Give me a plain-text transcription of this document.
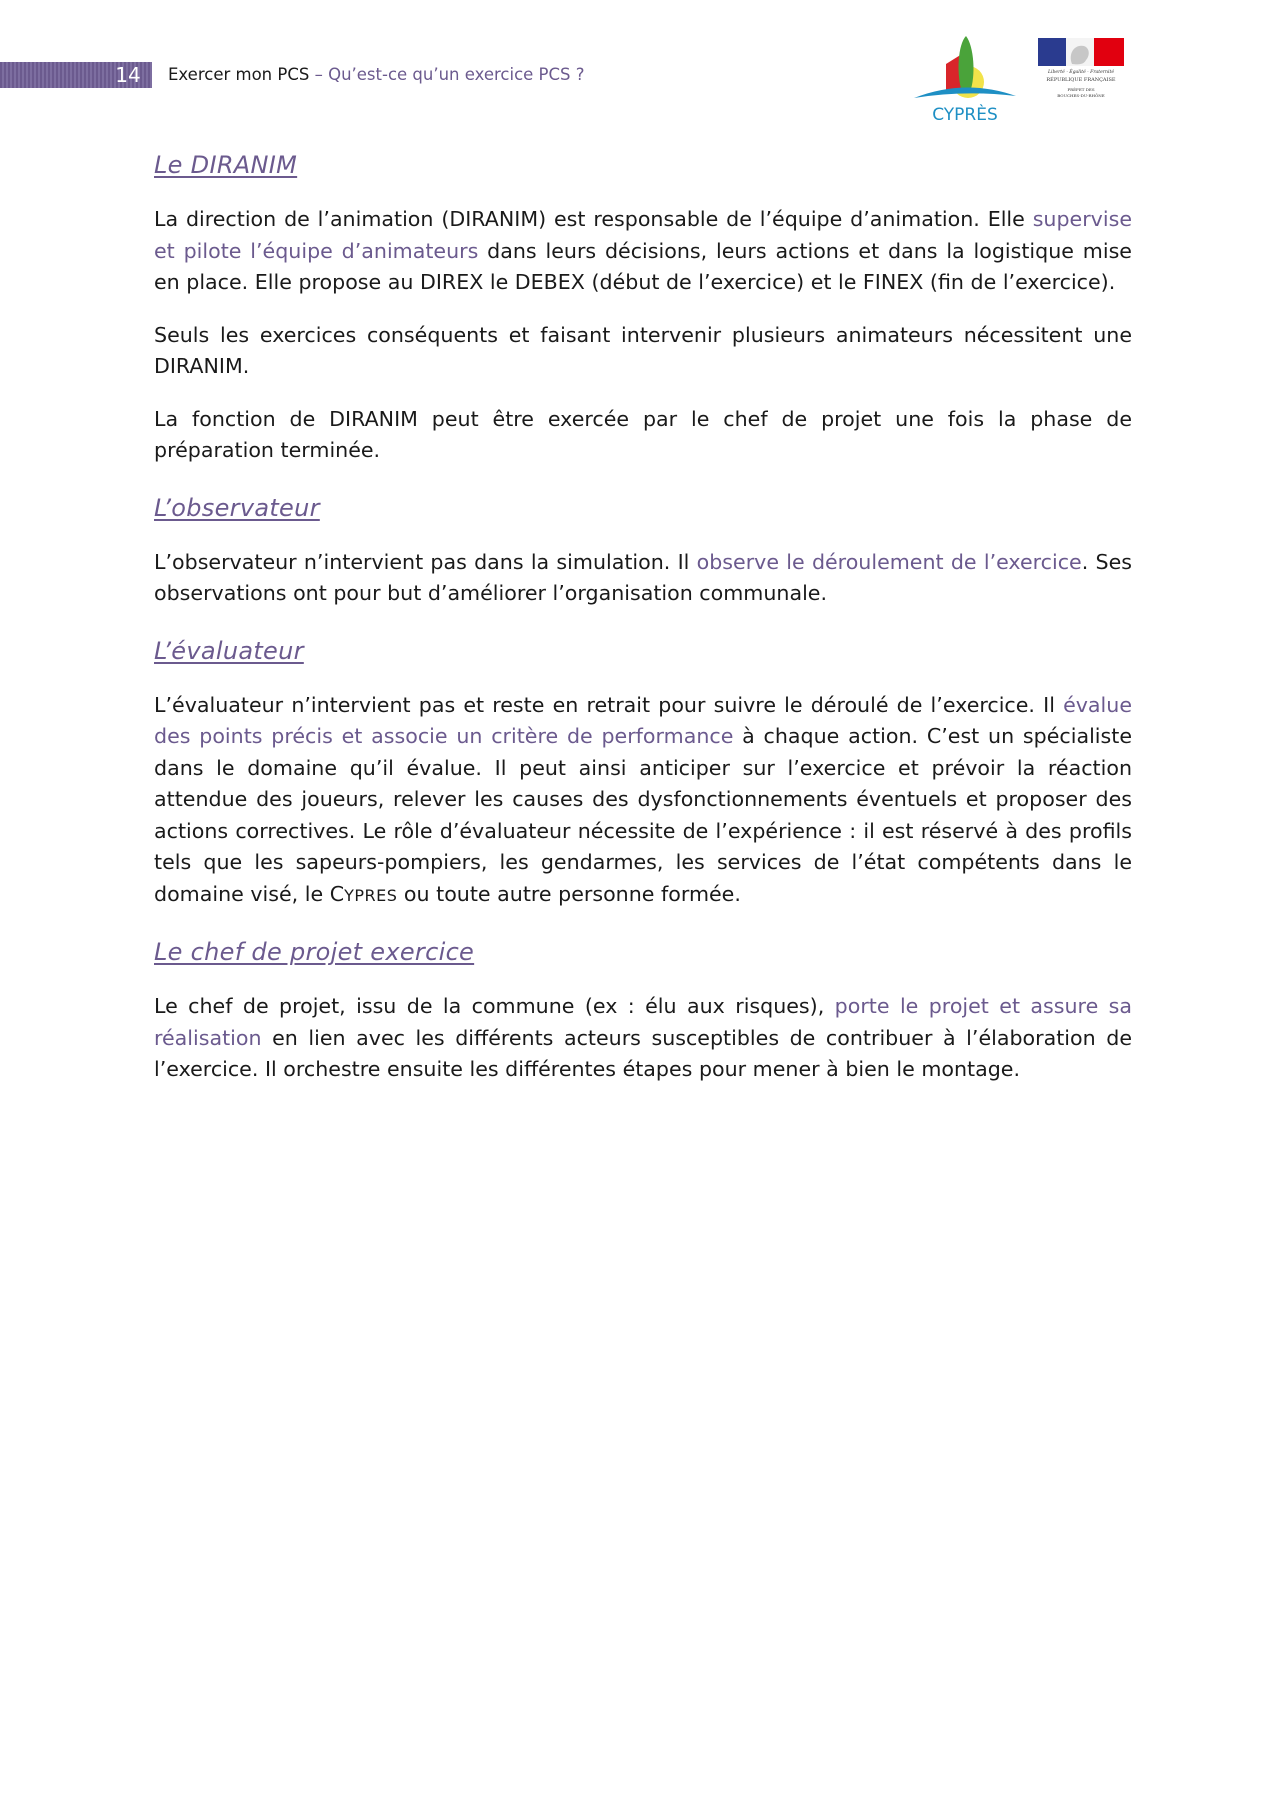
14	Exercer mon PCS – Qu’est-ce qu’un exercice PCS ?
CYPRÈS
Liberté · Égalité · Fraternité
RÉPUBLIQUE FRANÇAISE
PRÉFET DES
BOUCHES-DU-RHÔNE
Le DIRANIM

La direction de l’animation (DIRANIM) est responsable de l’équipe d’animation. Elle supervise et pilote l’équipe d’animateurs dans leurs décisions, leurs actions et dans la logistique mise en place. Elle propose au DIREX le DEBEX (début de l’exercice) et le FINEX (fin de l’exercice).

Seuls les exercices conséquents et faisant intervenir plusieurs animateurs nécessitent une DIRANIM.

La fonction de DIRANIM peut être exercée par le chef de projet une fois la phase de préparation terminée.

L’observateur

L’observateur n’intervient pas dans la simulation. Il observe le déroulement de l’exercice. Ses observations ont pour but d’améliorer l’organisation communale.

L’évaluateur

L’évaluateur n’intervient pas et reste en retrait pour suivre le déroulé de l’exercice. Il évalue des points précis et associe un critère de performance à chaque action. C’est un spécialiste dans le domaine qu’il évalue. Il peut ainsi anticiper sur l’exercice et prévoir la réaction attendue des joueurs, relever les causes des dysfonctionnements éventuels et proposer des actions correctives. Le rôle d’évaluateur nécessite de l’expérience : il est réservé à des profils tels que les sapeurs-pompiers, les gendarmes, les services de l’état compétents dans le domaine visé, le CYPRES ou toute autre personne formée.

Le chef de projet exercice

Le chef de projet, issu de la commune (ex : élu aux risques), porte le projet et assure sa réalisation en lien avec les différents acteurs susceptibles de contribuer à l’élaboration de l’exercice. Il orchestre ensuite les différentes étapes pour mener à bien le montage.
